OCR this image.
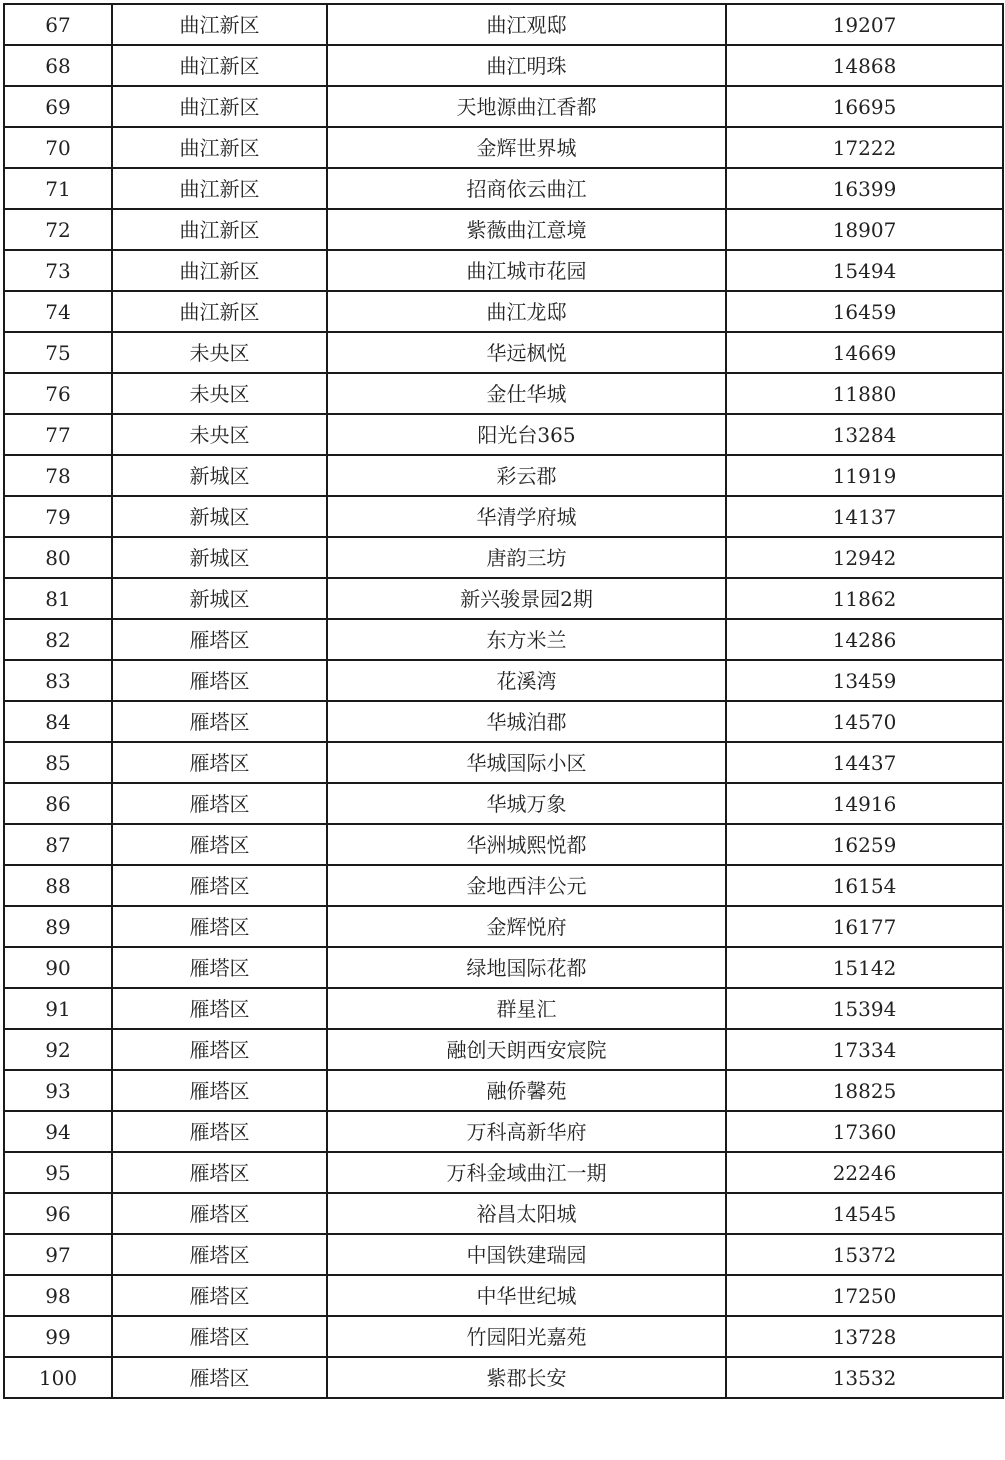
67	曲江新区	曲江观邸	19207
68	曲江新区	曲江明珠	14868
69	曲江新区	天地源曲江香都	16695
70	曲江新区	金辉世界城	17222
71	曲江新区	招商依云曲江	16399
72	曲江新区	紫薇曲江意境	18907
73	曲江新区	曲江城市花园	15494
74	曲江新区	曲江龙邸	16459
75	未央区	华远枫悦	14669
76	未央区	金仕华城	11880
77	未央区	阳光台365	13284
78	新城区	彩云郡	11919
79	新城区	华清学府城	14137
80	新城区	唐韵三坊	12942
81	新城区	新兴骏景园2期	11862
82	雁塔区	东方米兰	14286
83	雁塔区	花溪湾	13459
84	雁塔区	华城泊郡	14570
85	雁塔区	华城国际小区	14437
86	雁塔区	华城万象	14916
87	雁塔区	华洲城熙悦都	16259
88	雁塔区	金地西沣公元	16154
89	雁塔区	金辉悦府	16177
90	雁塔区	绿地国际花都	15142
91	雁塔区	群星汇	15394
92	雁塔区	融创天朗西安宸院	17334
93	雁塔区	融侨馨苑	18825
94	雁塔区	万科高新华府	17360
95	雁塔区	万科金域曲江一期	22246
96	雁塔区	裕昌太阳城	14545
97	雁塔区	中国铁建瑞园	15372
98	雁塔区	中华世纪城	17250
99	雁塔区	竹园阳光嘉苑	13728
100	雁塔区	紫郡长安	13532
